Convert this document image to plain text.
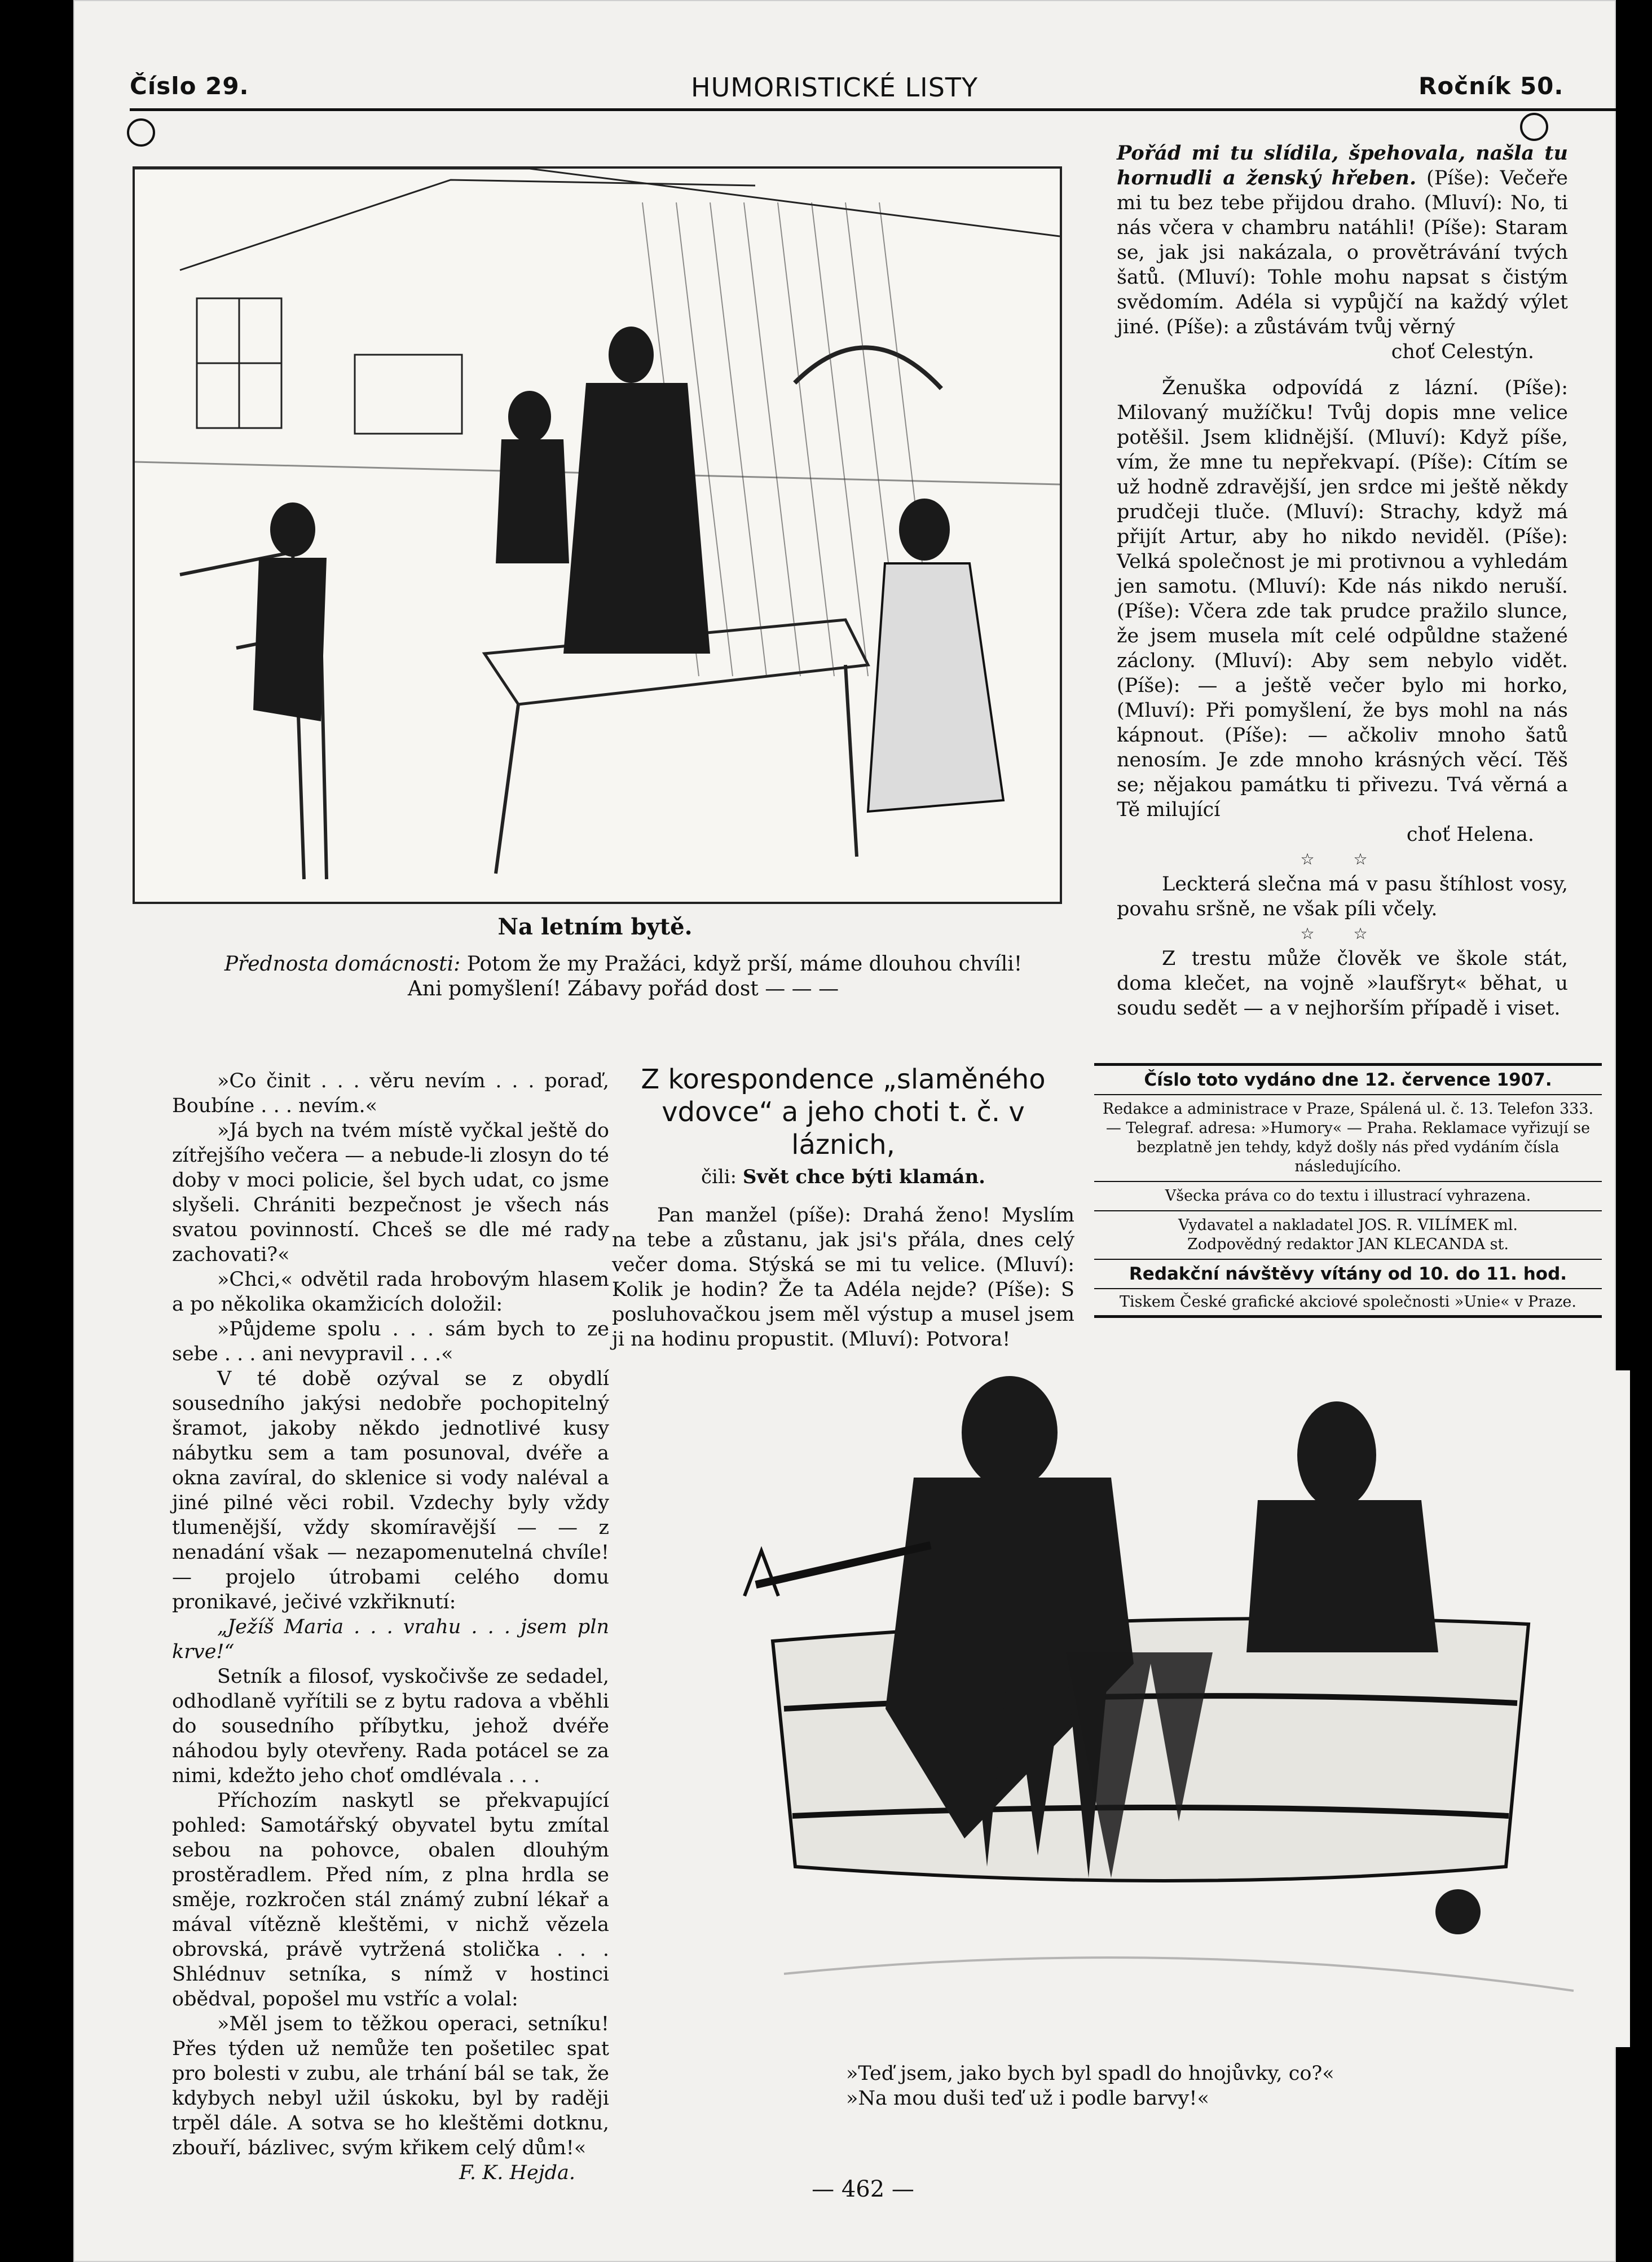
Číslo 29.	HUMORISTICKÉ LISTY	Ročník 50.
Na letním bytě.
Přednosta domácnosti: Potom že my Pražáci, když prší, máme dlouhou chvíli!
Ani pomyšlení! Zábavy pořád dost — — —

Pořád mi tu slídila, špehovala, našla tu hornudli a ženský hřeben. (Píše): Večeře mi tu bez tebe přijdou draho. (Mluví): No, ti nás včera v chambru natáhli! (Píše): Staram se, jak jsi nakázala, o provětrávání tvých šatů. (Mluví): Tohle mohu napsat s čistým svědomím. Adéla si vypůjčí na každý výlet jiné. (Píše): a zůstávám tvůj věrný

choť Celestýn.

Ženuška odpovídá z lázní. (Píše): Milovaný mužíčku! Tvůj dopis mne velice potěšil. Jsem klidnější. (Mluví): Když píše, vím, že mne tu nepřekvapí. (Píše): Cítím se už hodně zdravější, jen srdce mi ještě někdy prudčeji tluče. (Mluví): Strachy, když má přijít Artur, aby ho nikdo neviděl. (Píše): Velká společnost je mi protivnou a vyhledám jen samotu. (Mluví): Kde nás nikdo neruší. (Píše): Včera zde tak prudce pražilo slunce, že jsem musela mít celé odpůldne stažené záclony. (Mluví): Aby sem nebylo vidět. (Píše): — a ještě večer bylo mi horko, (Mluví): Při pomyšlení, že bys mohl na nás kápnout. (Píše): — ačkoliv mnoho šatů nenosím. Je zde mnoho krásných věcí. Těš se; nějakou památku ti přivezu. Tvá věrná a Tě milující

choť Helena.
☆ ☆

Leckterá slečna má v pasu štíhlost vosy, povahu sršně, ne však píli včely.

☆ ☆

Z trestu může člověk ve škole stát, doma klečet, na vojně »laufšryt« běhat, u soudu sedět — a v nejhorším případě i viset.

Číslo toto vydáno dne 12. července 1907.
Redakce a administrace v Praze, Spálená ul. č. 13. Telefon 333. — Telegraf. adresa: »Humory« — Praha. Reklamace vyřizují se bezplatně jen tehdy, když došly nás před vydáním čísla následujícího.
Všecka práva co do textu i illustrací vyhrazena.
Vydavatel a nakladatel JOS. R. VILÍMEK ml.
Zodpovědný redaktor JAN KLECANDA st.
Redakční návštěvy vítány od 10. do 11. hod.
Tiskem České grafické akciové společnosti »Unie« v Praze.

»Co činit . . . věru nevím . . . poraď, Boubíne . . . nevím.«

»Já bych na tvém místě vyčkal ještě do zítřejšího večera — a nebude-li zlosyn do té doby v moci policie, šel bych udat, co jsme slyšeli. Chrániti bezpečnost je všech nás svatou povinností. Chceš se dle mé rady zachovati?«

»Chci,« odvětil rada hrobovým hlasem a po několika okamžicích doložil:

»Půjdeme spolu . . . sám bych to ze sebe . . . ani nevypravil . . .«

V té době ozýval se z obydlí sousedního jakýsi nedobře pochopitelný šramot, jakoby někdo jednotlivé kusy nábytku sem a tam posunoval, dvéře a okna zavíral, do sklenice si vody naléval a jiné pilné věci robil. Vzdechy byly vždy tlumenější, vždy skomíravější — — z nenadání však — nezapomenutelná chvíle! — projelo útrobami celého domu pronikavé, ječivé vzkřiknutí:

„Ježíš Maria . . . vrahu . . . jsem pln krve!“

Setník a filosof, vyskočivše ze sedadel, odhodlaně vyřítili se z bytu radova a vběhli do sousedního příbytku, jehož dvéře náhodou byly otevřeny. Rada potácel se za nimi, kdežto jeho choť omdlévala . . .

Příchozím naskytl se překvapující pohled: Samotářský obyvatel bytu zmítal sebou na pohovce, obalen dlouhým prostěradlem. Před ním, z plna hrdla se směje, rozkročen stál známý zubní lékař a mával vítězně kleštěmi, v nichž vězela obrovská, právě vytržená stolička . . . Shlédnuv setníka, s nímž v hostinci obědval, popošel mu vstříc a volal:

»Měl jsem to těžkou operaci, setníku! Přes týden už nemůže ten pošetilec spat pro bolesti v zubu, ale trhání bál se tak, že kdybych nebyl užil úskoku, byl by raději trpěl dále. A sotva se ho kleštěmi dotknu, zbouří, bázlivec, svým křikem celý dům!«

F. K. Hejda.
Z korespondence „slaměného vdovce“ a jeho choti t. č. v láznich,
čili: Svět chce býti klamán.

Pan manžel (píše): Drahá ženo! Myslím na tebe a zůstanu, jak jsi's přála, dnes celý večer doma. Stýská se mi tu velice. (Mluví): Kolik je hodin? Že ta Adéla nejde? (Píše): S posluhovačkou jsem měl výstup a musel jsem ji na hodinu propustit. (Mluví): Potvora!

»Teď jsem, jako bych byl spadl do hnojůvky, co?«
»Na mou duši teď už i podle barvy!«
— 462 —
